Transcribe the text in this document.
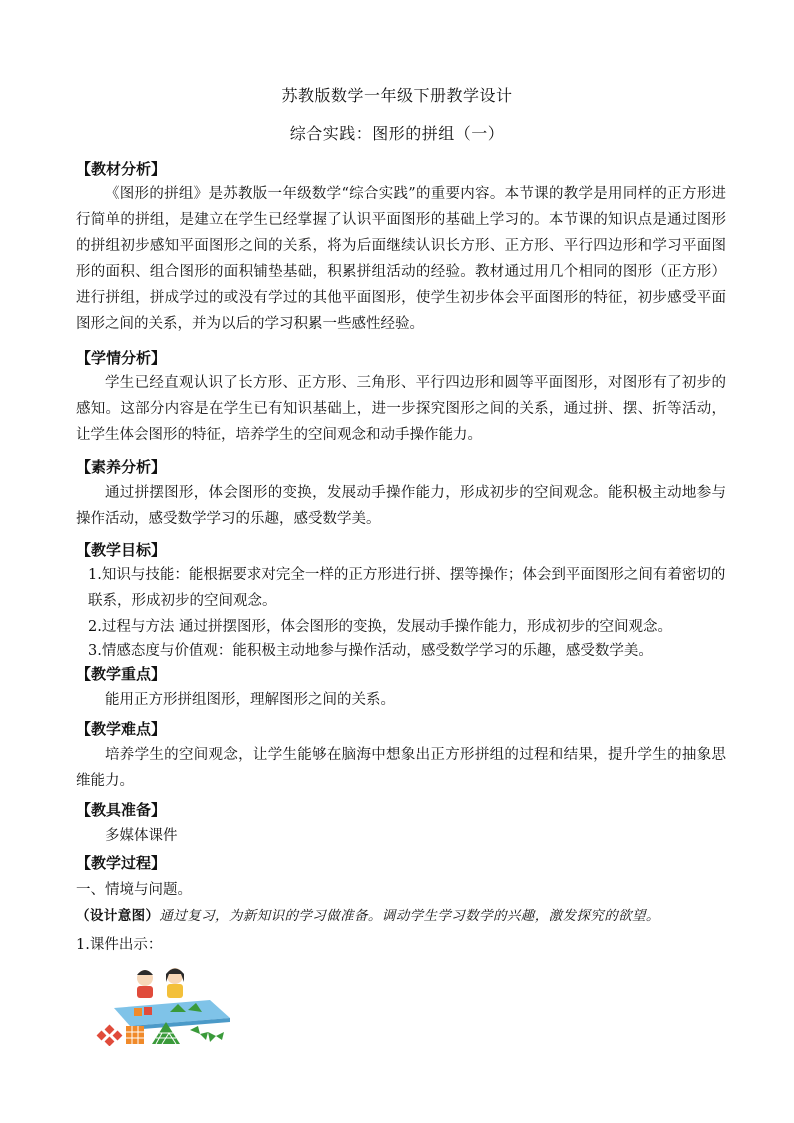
苏教版数学一年级下册教学设计
综合实践：图形的拼组（一）
【教材分析】
《图形的拼组》是苏教版一年级数学“综合实践”的重要内容。本节课的教学是用同样的正方形进行简单的拼组，是建立在学生已经掌握了认识平面图形的基础上学习的。本节课的知识点是通过图形的拼组初步感知平面图形之间的关系，将为后面继续认识长方形、正方形、平行四边形和学习平面图形的面积、组合图形的面积铺垫基础，积累拼组活动的经验。教材通过用几个相同的图形（正方形）进行拼组，拼成学过的或没有学过的其他平面图形，使学生初步体会平面图形的特征，初步感受平面图形之间的关系，并为以后的学习积累一些感性经验。
【学情分析】
学生已经直观认识了长方形、正方形、三角形、平行四边形和圆等平面图形，对图形有了初步的感知。这部分内容是在学生已有知识基础上，进一步探究图形之间的关系，通过拼、摆、折等活动，让学生体会图形的特征，培养学生的空间观念和动手操作能力。
【素养分析】
通过拼摆图形，体会图形的变换，发展动手操作能力，形成初步的空间观念。能积极主动地参与操作活动，感受数学学习的乐趣，感受数学美。
【教学目标】
1.知识与技能：能根据要求对完全一样的正方形进行拼、摆等操作；体会到平面图形之间有着密切的联系，形成初步的空间观念。
2.过程与方法 通过拼摆图形，体会图形的变换，发展动手操作能力，形成初步的空间观念。
3.情感态度与价值观：能积极主动地参与操作活动，感受数学学习的乐趣，感受数学美。
【教学重点】
能用正方形拼组图形，理解图形之间的关系。
【教学难点】
培养学生的空间观念，让学生能够在脑海中想象出正方形拼组的过程和结果，提升学生的抽象思维能力。
【教具准备】
多媒体课件
【教学过程】
一、情境与问题。
（设计意图）通过复习，为新知识的学习做准备。调动学生学习数学的兴趣，激发探究的欲望。
1.课件出示：
